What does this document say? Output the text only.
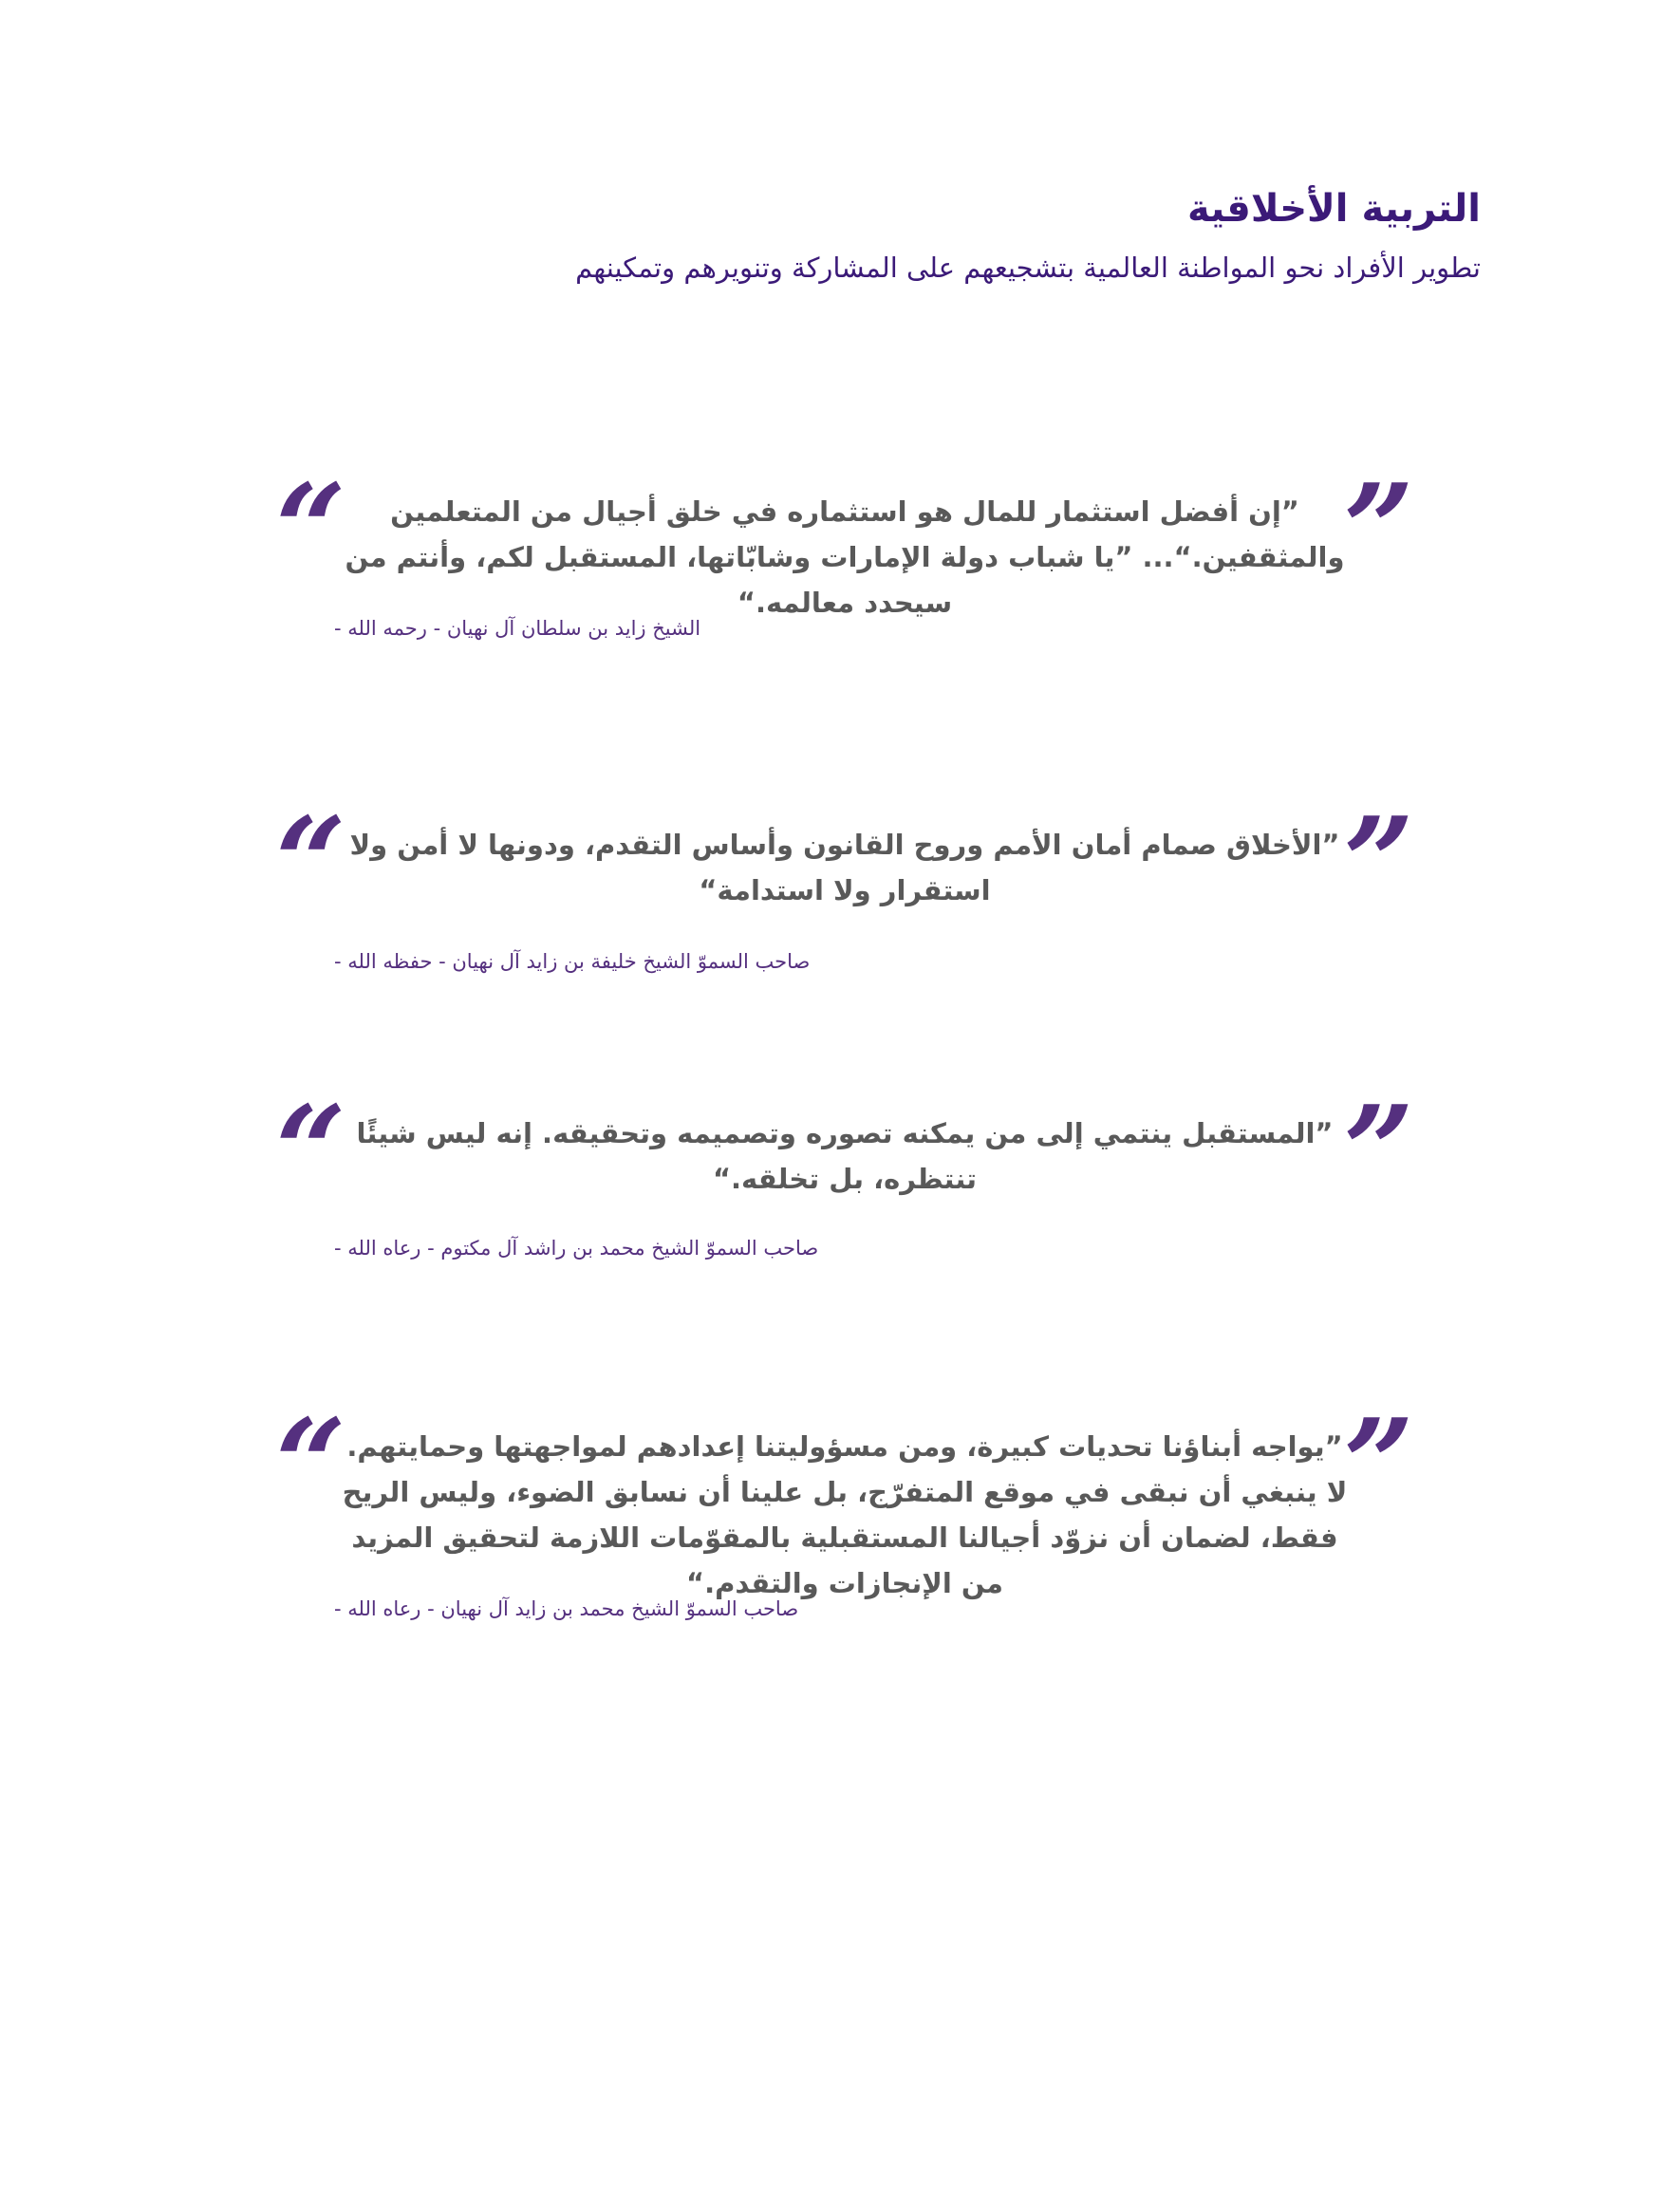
التربية الأخلاقية

تطوير الأفراد نحو المواطنة العالمية بتشجيعهم على المشاركة وتنويرهم وتمكينهم

”

”إن أفضل استثمار للمال هو استثماره في خلق أجيال من المتعلمين والمثقفين.“... ”يا شباب دولة الإمارات وشابّاتها، المستقبل لكم، وأنتم من سيحدد معالمه.“

“

الشيخ زايد بن سلطان آل نهيان - رحمه الله -

”

”الأخلاق صمام أمان الأمم وروح القانون وأساس التقدم، ودونها لا أمن ولا استقرار ولا استدامة“

“

صاحب السموّ الشيخ خليفة بن زايد آل نهيان - حفظه الله -

”

”المستقبل ينتمي إلى من يمكنه تصوره وتصميمه وتحقيقه. إنه ليس شيئًا تنتظره، بل تخلقه.“

“

صاحب السموّ الشيخ محمد بن راشد آل مكتوم - رعاه الله -

”

”يواجه أبناؤنا تحديات كبيرة، ومن مسؤوليتنا إعدادهم لمواجهتها وحمايتهم. لا ينبغي أن نبقى في موقع المتفرّج، بل علينا أن نسابق الضوء، وليس الريح فقط، لضمان أن نزوّد أجيالنا المستقبلية بالمقوّمات اللازمة لتحقيق المزيد من الإنجازات والتقدم.“

“

صاحب السموّ الشيخ محمد بن زايد آل نهيان - رعاه الله -
